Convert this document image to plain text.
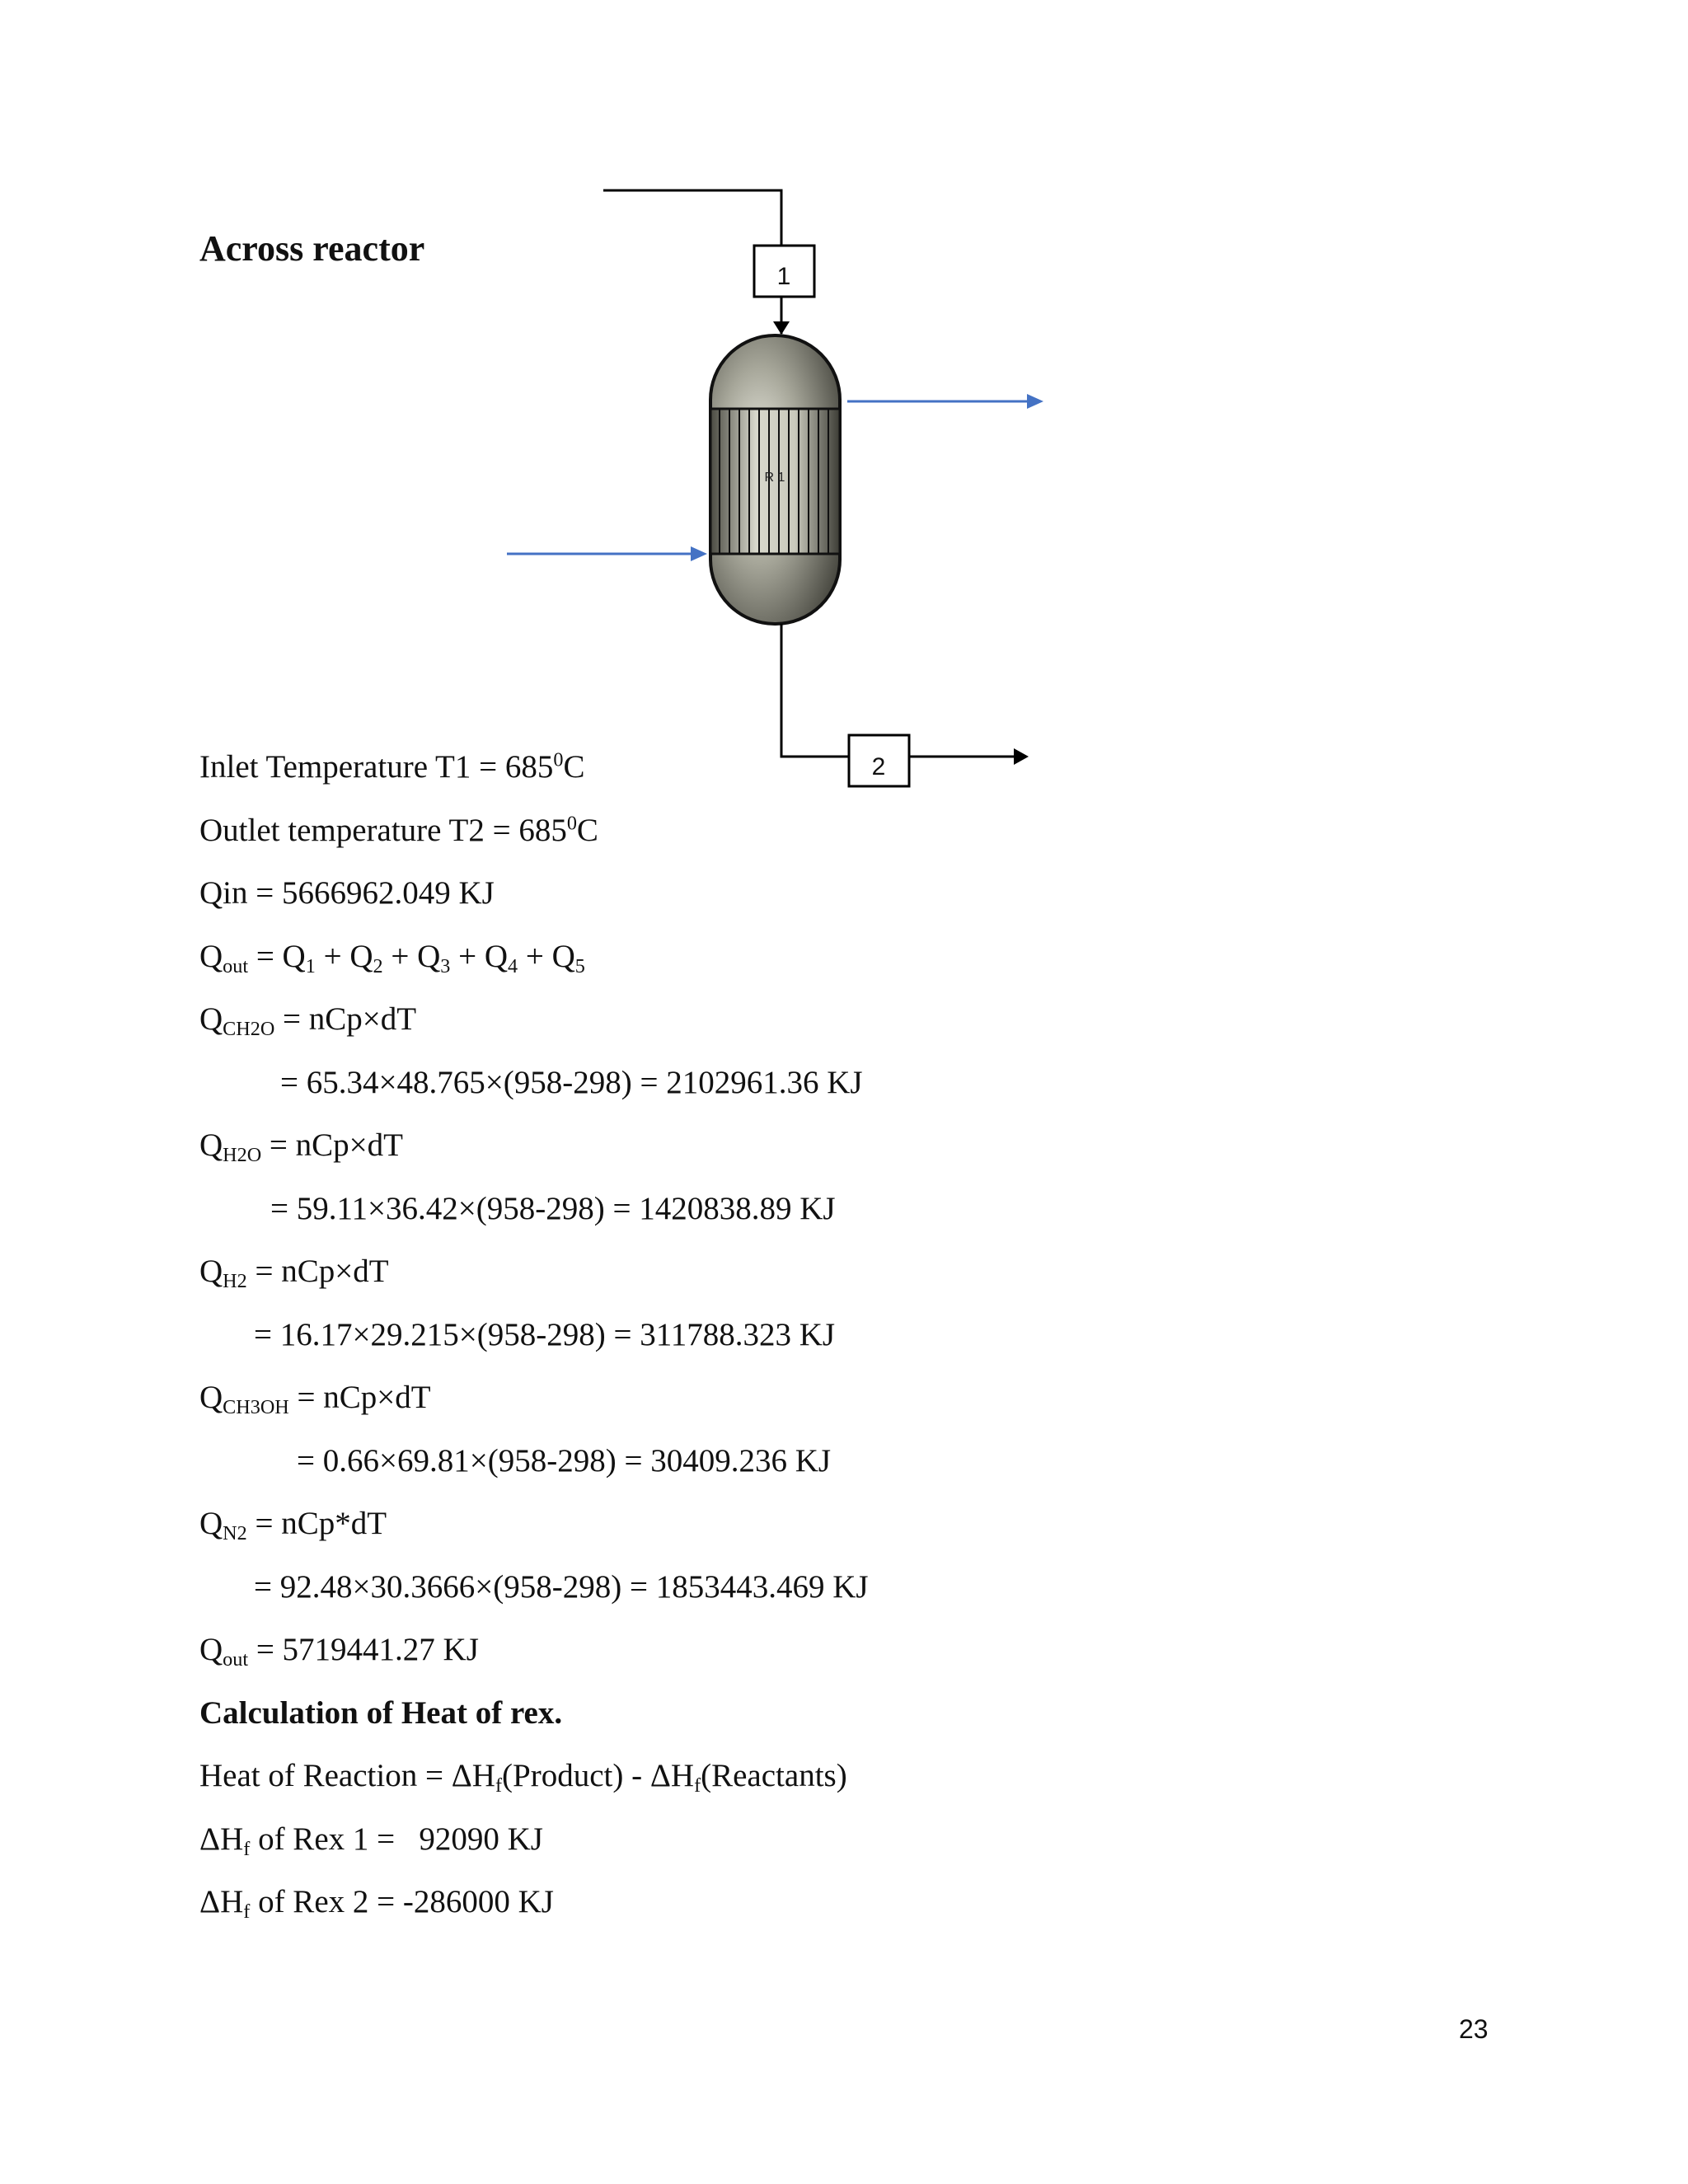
Across reactor
1
R 1
2
Inlet Temperature $T1 = 685^0C$
Outlet temperature $T2 = 685^0C$
Qin = 5666962.049 KJ
$Q_{out} = Q_1 + Q_2 + Q_3 + Q_4 + Q_5$
$Q_{CH2O} = nCp\times dT$
= 65.34×48.765×(958-298) = 2102961.36 KJ
$Q_{H2O} = nCp\times dT$
= 59.11×36.42×(958-298) = 1420838.89 KJ
$Q_{H2} = nCp\times dT$
= 16.17×29.215×(958-298) = 311788.323 KJ
$Q_{CH3OH} = nCp\times dT$
= 0.66×69.81×(958-298) = 30409.236 KJ
$Q_{N2} = nCp*dT$
= 92.48×30.3666×(958-298) = 1853443.469 KJ
$Q_{out} = 5719441.27$ KJ
Calculation of Heat of rex.
Heat of Reaction = $\Delta H_f(Product)$ - $\Delta H_f(Reactants)$
$\Delta H_f$ of Rex 1 =   92090 KJ
$\Delta H_f$ of Rex 2 = -286000 KJ
23
